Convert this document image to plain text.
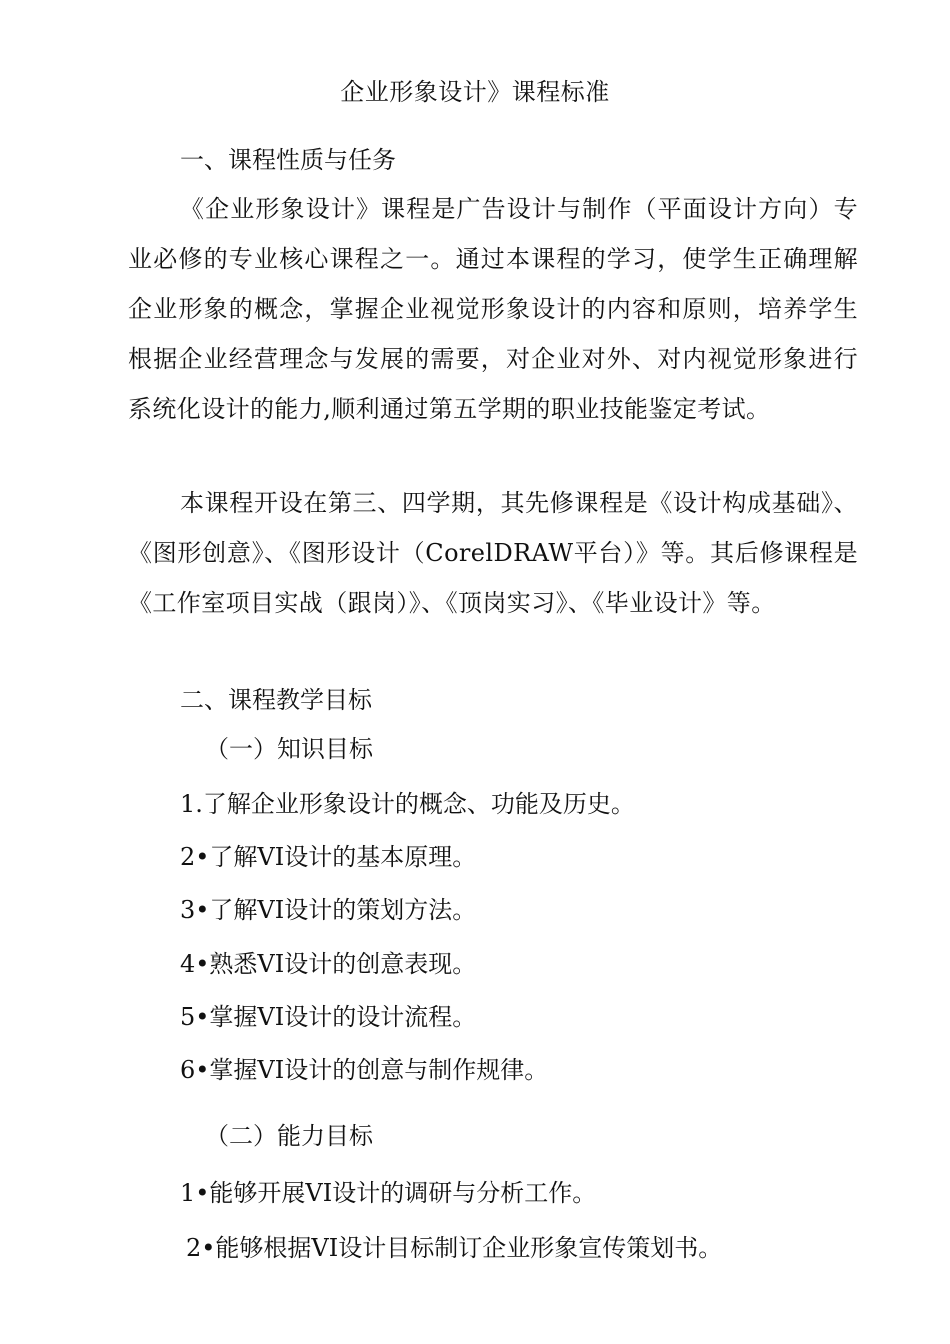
企业形象设计》课程标准
一、课程性质与任务
《企业形象设计》课程是广告设计与制作（平面设计方向）专业必修的专业核心课程之一。通过本课程的学习，使学生正确理解企业形象的概念，掌握企业视觉形象设计的内容和原则，培养学生根据企业经营理念与发展的需要，对企业对外、对内视觉形象进行系统化设计的能力,顺利通过第五学期的职业技能鉴定考试。
本课程开设在第三、四学期，其先修课程是《设计构成基础》、《图形创意》、《图形设计（CorelDRAW平台）》等。其后修课程是《工作室项目实战（跟岗）》、《顶岗实习》、《毕业设计》等。
二、课程教学目标
（一）知识目标
1.了解企业形象设计的概念、功能及历史。
2•了解VI设计的基本原理。
3•了解VI设计的策划方法。
4•熟悉VI设计的创意表现。
5•掌握VI设计的设计流程。
6•掌握VI设计的创意与制作规律。
（二）能力目标
1•能够开展VI设计的调研与分析工作。
2•能够根据VI设计目标制订企业形象宣传策划书。
